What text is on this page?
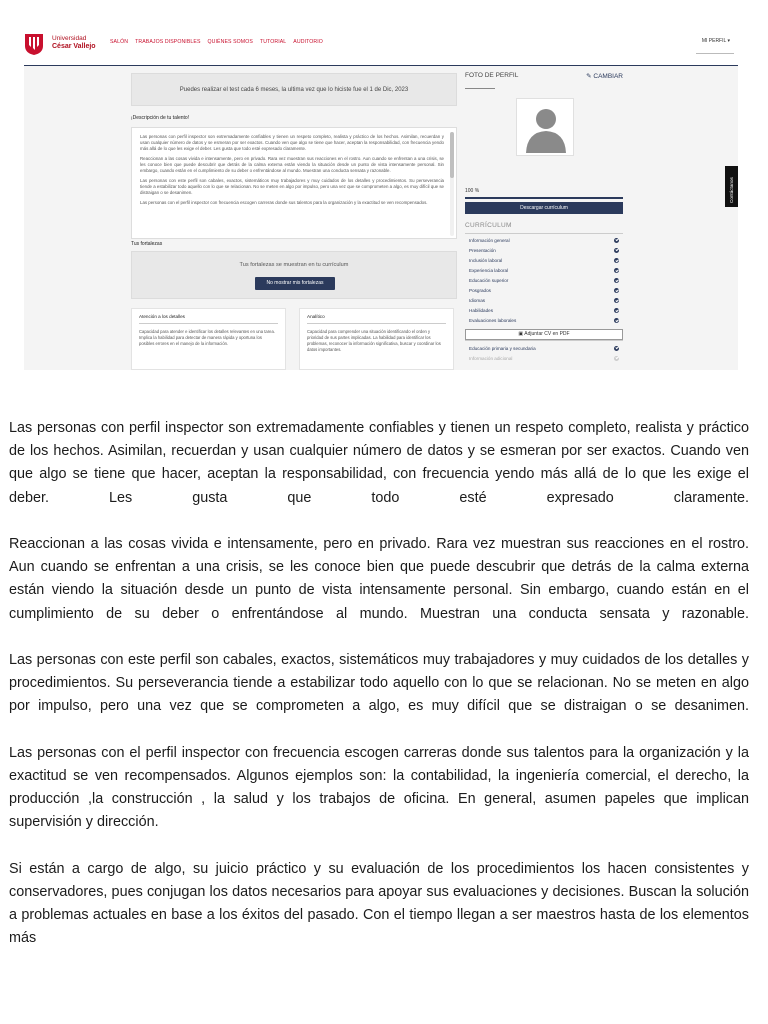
Universidad
César Vallejo
SALÓN TRABAJOS DISPONIBLES QUIÉNES SOMOS TUTORIAL AUDITORIO	MI PERFIL ▾
Puedes realizar el test cada 6 meses, la ultima vez que lo hiciste fue el 1 de Dic, 2023
¡Descripción de tu talento!

Las personas con perfil inspector son extremadamente confiables y tienen un respeto completo, realista y práctico de los hechos. Asimilan, recuerdan y usan cualquier número de datos y se esmeran por ser exactos. Cuando ven que algo se tiene que hacer, aceptan la responsabilidad, con frecuencia yendo más allá de lo que les exige el deber. Les gusta que todo esté expresado claramente.

Reaccionan a las cosas vivida e intensamente, pero en privado. Rara vez muestran sus reacciones en el rostro. Aun cuando se enfrentan a una crisis, se les conoce bien que puede descubrir que detrás de la calma externa están viendo la situación desde un punto de vista intensamente personal. Sin embargo, cuando están en el cumplimiento de su deber o enfrentándose al mundo. Muestran una conducta sensata y razonable.

Las personas con este perfil son cabales, exactos, sistemáticos muy trabajadores y muy cuidados de los detalles y procedimientos. Su perseverancia tiende a estabilizar todo aquello con lo que se relacionan. No se meten en algo por impulso, pero una vez que se comprometen a algo, es muy difícil que se distraigan o se desanimen.

Las personas con el perfil inspector con frecuencia escogen carreras donde sus talentos para la organización y la exactitud se ven recompensados.

Tus fortalezas
Tus fortalezas se muestran en tu currículum
No mostrar mis fortalezas
Atención a los detalles
Capacidad para atender e identificar los detalles relevantes en una tarea. Implica la habilidad para detectar de manera rápida y oportuna los posibles errores en el manejo de la información.
Analítico
Capacidad para comprender una situación identificando el orden y prioridad de sus partes implicadas. La habilidad para identificar los problemas, reconocer la información significativa, buscar y coordinar los datos importantes.
FOTO DE PERFIL	✎ CAMBIAR
100 %
Descargar currículum
CURRÍCULUM
Información general
Presentación
Inclusión laboral
Experiencia laboral
Educación superior
Posgrados
Idiomas
Habilidades
Evaluaciones laborales
Educación primaria y secundaria
Información adicional
▣ Adjuntar CV en PDF
Contáctanos

Las personas con perfil inspector son extremadamente confiables y tienen un respeto completo, realista y práctico de los hechos. Asimilan, recuerdan y usan cualquier número de datos y se esmeran por ser exactos. Cuando ven que algo se tiene que hacer, aceptan la responsabilidad, con frecuencia yendo más allá de lo que les exige el deber. Les gusta que todo esté expresado claramente.

Reaccionan a las cosas vivida e intensamente, pero en privado. Rara vez muestran sus reacciones en el rostro. Aun cuando se enfrentan a una crisis, se les conoce bien que puede descubrir que detrás de la calma externa están viendo la situación desde un punto de vista intensamente personal. Sin embargo, cuando están en el cumplimiento de su deber o enfrentándose al mundo. Muestran una conducta sensata y razonable.

Las personas con este perfil son cabales, exactos, sistemáticos muy trabajadores y muy cuidados de los detalles y procedimientos. Su perseverancia tiende a estabilizar todo aquello con lo que se relacionan. No se meten en algo por impulso, pero una vez que se comprometen a algo, es muy difícil que se distraigan o se desanimen.

Las personas con el perfil inspector con frecuencia escogen carreras donde sus talentos para la organización y la exactitud se ven recompensados. Algunos ejemplos son: la contabilidad, la ingeniería comercial, el derecho, la producción ,la construcción , la salud y los trabajos de oficina. En general, asumen papeles que implican supervisión y dirección.

Si están a cargo de algo, su juicio práctico y su evaluación de los procedimientos los hacen consistentes y conservadores, pues conjugan los datos necesarios para apoyar sus evaluaciones y decisiones. Buscan la solución a problemas actuales en base a los éxitos del pasado. Con el tiempo llegan a ser maestros hasta de los elementos más
